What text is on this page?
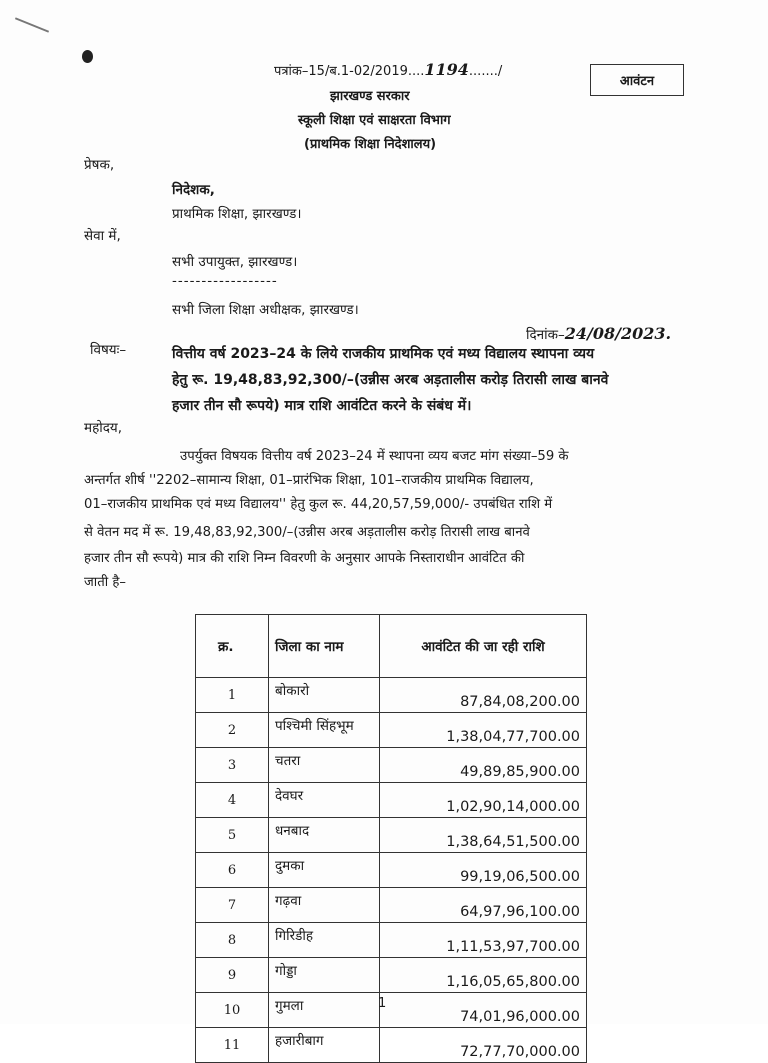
पत्रांक–15/ब.1-02/2019....1194......./
आवंटन
झारखण्ड सरकार
स्कूली शिक्षा एवं साक्षरता विभाग
(प्राथमिक शिक्षा निदेशालय)
प्रेषक,
निदेशक,
प्राथमिक शिक्षा, झारखण्ड।
सेवा में,
सभी उपायुक्त, झारखण्ड।
------------------
सभी जिला शिक्षा अधीक्षक, झारखण्ड।
दिनांक–24/08/2023.
विषयः–	वित्तीय वर्ष 2023–24 के लिये राजकीय प्राथमिक एवं मध्य विद्यालय स्थापना व्यय
हेतु रू. 19,48,83,92,300/–(उन्नीस अरब अड़तालीस करोड़ तिरासी लाख बानवे
हजार तीन सौ रूपये) मात्र राशि आवंटित करने के संबंध में।
महोदय,
उपर्युक्त विषयक वित्तीय वर्ष 2023–24 में स्थापना व्यय बजट मांग संख्या–59 के
अन्तर्गत शीर्ष ''2202–सामान्य शिक्षा, 01–प्रारंभिक शिक्षा, 101–राजकीय प्राथमिक विद्यालय,
01–राजकीय प्राथमिक एवं मध्य विद्यालय'' हेतु कुल रू. 44,20,57,59,000/- उपबंधित राशि में
से वेतन मद में रू. 19,48,83,92,300/–(उन्नीस अरब अड़तालीस करोड़ तिरासी लाख बानवे
हजार तीन सौ रूपये) मात्र की राशि निम्न विवरणी के अनुसार आपके निस्ताराधीन आवंटित की
जाती है–
क्र.	जिला का नाम	आवंटित की जा रही राशि
1	बोकारो	87,84,08,200.00
2	पश्चिमी सिंहभूम	1,38,04,77,700.00
3	चतरा	49,89,85,900.00
4	देवघर	1,02,90,14,000.00
5	धनबाद	1,38,64,51,500.00
6	दुमका	99,19,06,500.00
7	गढ़वा	64,97,96,100.00
8	गिरिडीह	1,11,53,97,700.00
9	गोड्डा	1,16,05,65,800.00
10	गुमला	74,01,96,000.00
11	हजारीबाग	72,77,70,000.00
1
